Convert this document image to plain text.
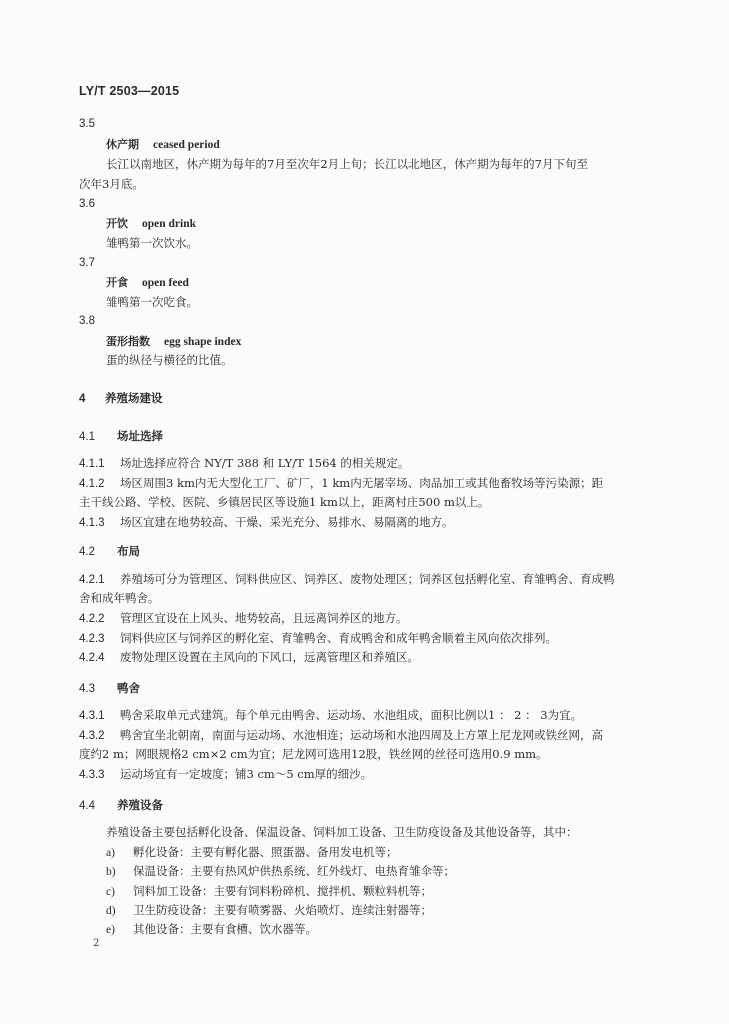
LY/T 2503—2015
3.5
休产期 ceased period
长江以南地区，休产期为每年的7月至次年2月上旬；长江以北地区，休产期为每年的7月下旬至
次年3月底。
3.6
开饮 open drink
雏鸭第一次饮水。
3.7
开食 open feed
雏鸭第一次吃食。
3.8
蛋形指数 egg shape index
蛋的纵径与横径的比值。
4 养殖场建设
4.1 场址选择
4.1.1 场址选择应符合 NY/T 388 和 LY/T 1564 的相关规定。
4.1.2 场区周围3 km内无大型化工厂、矿厂，1 km内无屠宰场、肉品加工或其他畜牧场等污染源；距
主干线公路、学校、医院、乡镇居民区等设施1 km以上，距离村庄500 m以上。
4.1.3 场区宜建在地势较高、干燥、采光充分、易排水、易隔离的地方。
4.2 布局
4.2.1 养殖场可分为管理区、饲料供应区、饲养区、废物处理区；饲养区包括孵化室、育雏鸭舍、育成鸭
舍和成年鸭舍。
4.2.2 管理区宜设在上风头、地势较高，且远离饲养区的地方。
4.2.3 饲料供应区与饲养区的孵化室、育雏鸭舍、育成鸭舍和成年鸭舍顺着主风向依次排列。
4.2.4 废物处理区设置在主风向的下风口，远离管理区和养殖区。
4.3 鸭舍
4.3.1 鸭舍采取单元式建筑。每个单元由鸭舍、运动场、水池组成，面积比例以1 ： 2 ： 3为宜。
4.3.2 鸭舍宜坐北朝南，南面与运动场、水池相连；运动场和水池四周及上方罩上尼龙网或铁丝网，高
度约2 m；网眼规格2 cm×2 cm为宜；尼龙网可选用12股，铁丝网的丝径可选用0.9 mm。
4.3.3 运动场宜有一定坡度；铺3 cm～5 cm厚的细沙。
4.4 养殖设备
养殖设备主要包括孵化设备、保温设备、饲料加工设备、卫生防疫设备及其他设备等，其中：
a) 孵化设备：主要有孵化器、照蛋器、备用发电机等；
b) 保温设备：主要有热风炉供热系统、红外线灯、电热育雏伞等；
c) 饲料加工设备：主要有饲料粉碎机、搅拌机、颗粒料机等；
d) 卫生防疫设备：主要有喷雾器、火焰喷灯、连续注射器等；
e) 其他设备：主要有食槽、饮水器等。
2
